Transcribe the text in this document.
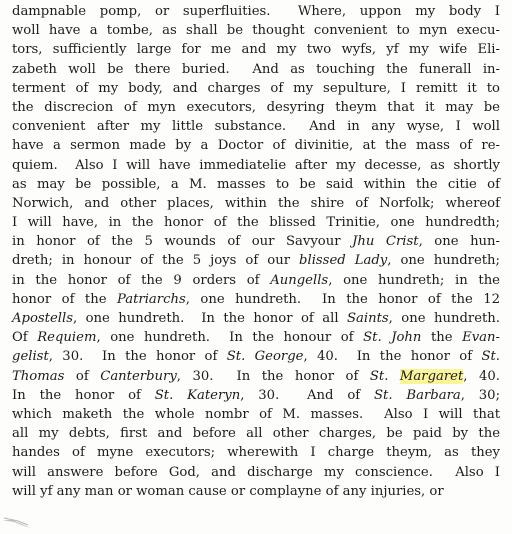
dampnable pomp, or superfluities.  Where, uppon my body I
woll have a tombe, as shall be thought convenient to myn execu-
tors, sufficiently large for me and my two wyfs, yf my wife Eli-
zabeth woll be there buried.  And as touching the funerall in-
terment of my body, and charges of my sepulture, I remitt it to
the discrecion of myn executors, desyring theym that it may be
convenient after my little substance.  And in any wyse, I woll
have a sermon made by a Doctor of divinitie, at the mass of re-
quiem.  Also I will have immediatelie after my decesse, as shortly
as may be possible, a M. masses to be said within the citie of
Norwich, and other places, within the shire of Norfolk; whereof
I will have, in the honor of the blissed Trinitie, one hundredth;
in honor of the 5 wounds of our Savyour Jhu Crist, one hun-
dreth; in honour of the 5 joys of our blissed Lady, one hundreth;
in the honor of the 9 orders of Aungells, one hundreth; in the
honor of the Patriarchs, one hundreth.  In the honor of the 12
Apostells, one hundreth.  In the honor of all Saints, one hundreth.
Of Requiem, one hundreth.  In the honour of St. John the Evan-
gelist, 30.  In the honor of St. George, 40.  In the honor of St.
Thomas of Canterbury, 30.  In the honor of St. Margaret, 40.
In the honor of St. Kateryn, 30.  And of St. Barbara, 30;
which maketh the whole nombr of M. masses.  Also I will that
all my debts, first and before all other charges, be paid by the
handes of myne executors; wherewith I charge theym, as they
will answere before God, and discharge my conscience.  Also I
will yf any man or woman cause or complayne of any injuries, or
